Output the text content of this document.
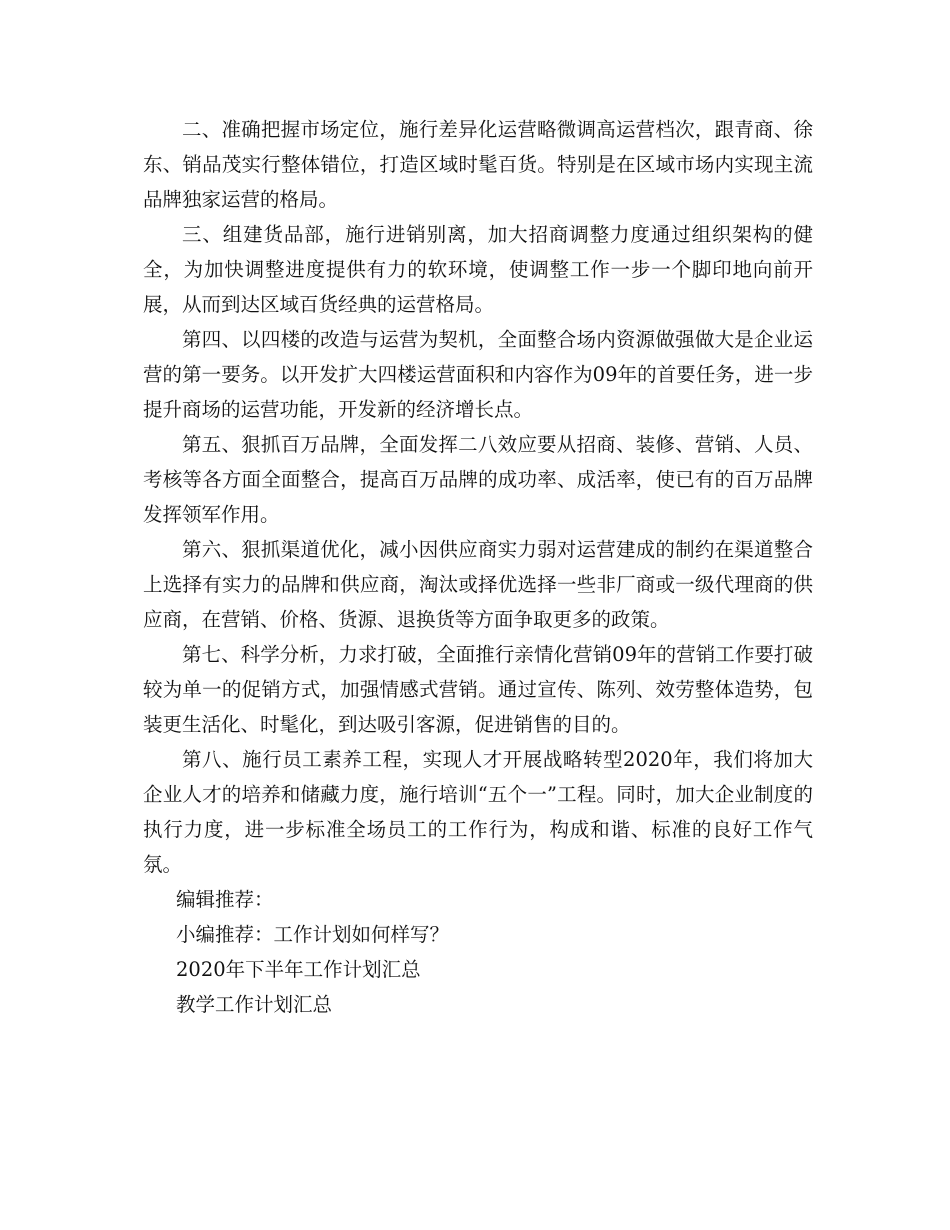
二、准确把握市场定位，施行差异化运营略微调高运营档次，跟青商、徐东、销品茂实行整体错位，打造区域时髦百货。特别是在区域市场内实现主流品牌独家运营的格局。

三、组建货品部，施行进销别离，加大招商调整力度通过组织架构的健全，为加快调整进度提供有力的软环境，使调整工作一步一个脚印地向前开展，从而到达区域百货经典的运营格局。

第四、以四楼的改造与运营为契机，全面整合场内资源做强做大是企业运营的第一要务。以开发扩大四楼运营面积和内容作为09年的首要任务，进一步提升商场的运营功能，开发新的经济增长点。

第五、狠抓百万品牌，全面发挥二八效应要从招商、装修、营销、人员、考核等各方面全面整合，提高百万品牌的成功率、成活率，使已有的百万品牌发挥领军作用。

第六、狠抓渠道优化，减小因供应商实力弱对运营建成的制约在渠道整合上选择有实力的品牌和供应商，淘汰或择优选择一些非厂商或一级代理商的供应商，在营销、价格、货源、退换货等方面争取更多的政策。

第七、科学分析，力求打破，全面推行亲情化营销09年的营销工作要打破较为单一的促销方式，加强情感式营销。通过宣传、陈列、效劳整体造势，包装更生活化、时髦化，到达吸引客源，促进销售的目的。

第八、施行员工素养工程，实现人才开展战略转型2020年，我们将加大企业人才的培养和储藏力度，施行培训“五个一”工程。同时，加大企业制度的执行力度，进一步标准全场员工的工作行为，构成和谐、标准的良好工作气氛。

编辑推荐：

小编推荐：工作计划如何样写？
2020年下半年工作计划汇总
教学工作计划汇总
